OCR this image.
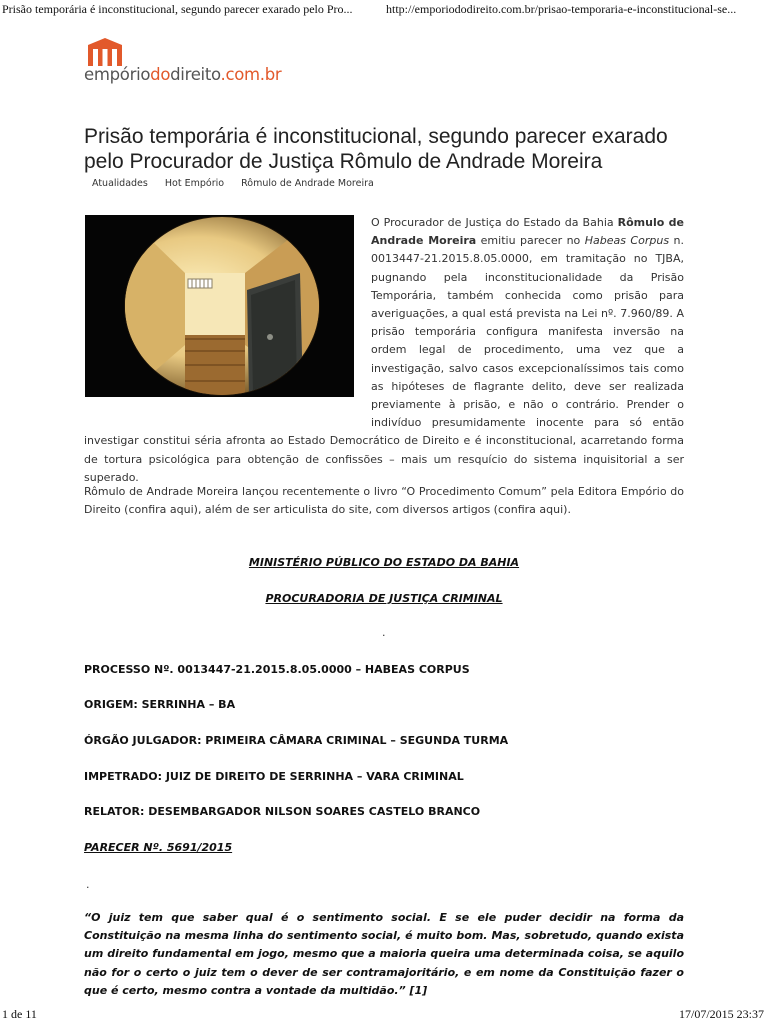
Prisão temporária é inconstitucional, segundo parecer exarado pelo Pro...	http://emporiododireito.com.br/prisao-temporaria-e-inconstitucional-se...
empóriododireito.com.br
Prisão temporária é inconstitucional, segundo parecer exarado pelo Procurador de Justiça Rômulo de Andrade Moreira
Atualidades Hot Empório Rômulo de Andrade Moreira

O Procurador de Justiça do Estado da Bahia Rômulo de Andrade Moreira emitiu parecer no Habeas Corpus n. 0013447-21.2015.8.05.0000, em tramitação no TJBA, pugnando pela inconstitucionalidade da Prisão Temporária, também conhecida como prisão para averiguações, a qual está prevista na Lei nº. 7.960/89. A prisão temporária configura manifesta inversão na ordem legal de procedimento, uma vez que a investigação, salvo casos excepcionalíssimos tais como as hipóteses de flagrante delito, deve ser realizada previamente à prisão, e não o contrário. Prender o indivíduo presumidamente inocente para só então investigar constitui séria afronta ao Estado Democrático de Direito e é inconstitucional, acarretando forma de tortura psicológica para obtenção de confissões – mais um resquício do sistema inquisitorial a ser superado.

Rômulo de Andrade Moreira lançou recentemente o livro “O Procedimento Comum” pela Editora Empório do Direito (confira aqui), além de ser articulista do site, com diversos artigos (confira aqui).

MINISTÉRIO PÚBLICO DO ESTADO DA BAHIA

PROCURADORIA DE JUSTIÇA CRIMINAL

.

PROCESSO Nº. 0013447-21.2015.8.05.0000 – HABEAS CORPUS

ORIGEM: SERRINHA – BA

ÓRGÃO JULGADOR: PRIMEIRA CÂMARA CRIMINAL – SEGUNDA TURMA

IMPETRADO: JUIZ DE DIREITO DE SERRINHA – VARA CRIMINAL

RELATOR: DESEMBARGADOR NILSON SOARES CASTELO BRANCO

PARECER Nº. 5691/2015

.

“O juiz tem que saber qual é o sentimento social. E se ele puder decidir na forma da Constituição na mesma linha do sentimento social, é muito bom. Mas, sobretudo, quando exista um direito fundamental em jogo, mesmo que a maioria queira uma determinada coisa, se aquilo não for o certo o juiz tem o dever de ser contramajoritário, e em nome da Constituição fazer o que é certo, mesmo contra a vontade da multidão.” [1]

1 de 11	17/07/2015 23:37
